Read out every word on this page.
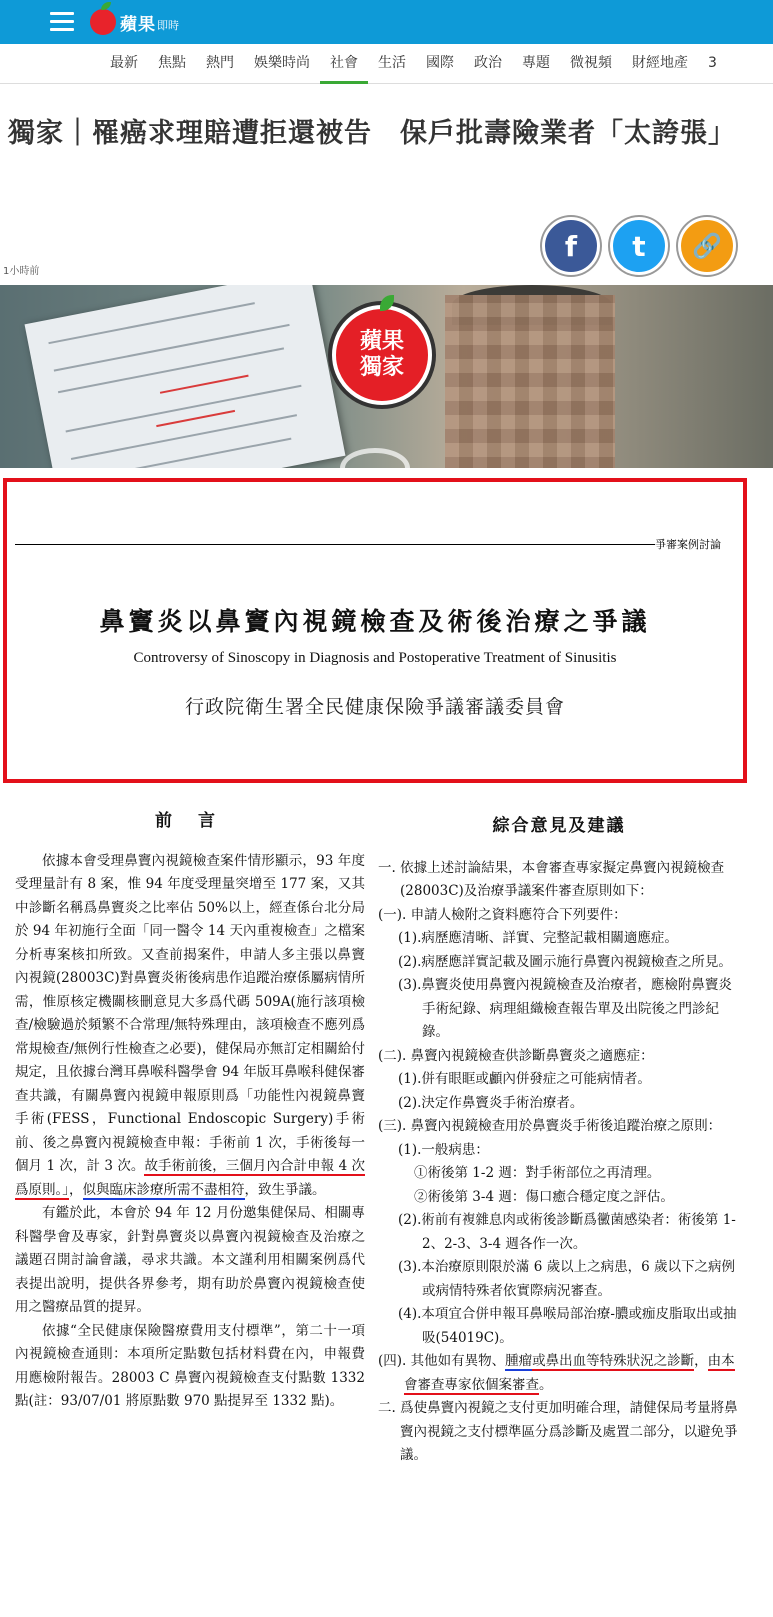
蘋果 即時
最新	焦點	熱門	娛樂時尚	社會	生活	國際	政治	專題	微視頻	財經地產	3
獨家｜罹癌求理賠遭拒還被告　保戶批壽險業者「太誇張」
f t 🔗
1小時前
蘋果
獨家
爭審案例討論
鼻竇炎以鼻竇內視鏡檢查及術後治療之爭議
Controversy of Sinoscopy in Diagnosis and Postoperative Treatment of Sinusitis
行政院衛生署全民健康保險爭議審議委員會
前 言

依據本會受理鼻竇內視鏡檢查案件情形顯示，93 年度受理量計有 8 案，惟 94 年度受理量突增至 177 案，又其中診斷名稱爲鼻竇炎之比率佔 50%以上，經查係台北分局於 94 年初施行全面「同一醫令 14 天內重複檢查」之檔案分析專案核扣所致。又查前揭案件，申請人多主張以鼻竇內視鏡(28003C)對鼻竇炎術後病患作追蹤治療係屬病情所需，惟原核定機關核刪意見大多爲代碼 509A(施行該項檢查/檢驗過於頻繁不合常理/無特殊理由，該項檢查不應列爲常規檢查/無例行性檢查之必要)，健保局亦無訂定相關給付規定，且依據台灣耳鼻喉科醫學會 94 年版耳鼻喉科健保審查共識，有關鼻竇內視鏡申報原則爲「功能性內視鏡鼻竇手術(FESS，Functional Endoscopic Surgery)手術前、後之鼻竇內視鏡檢查申報：手術前 1 次，手術後每一個月 1 次，計 3 次。故手術前後，三個月內合計申報 4 次爲原則。」，似與臨床診療所需不盡相符，致生爭議。

有鑑於此，本會於 94 年 12 月份邀集健保局、相關專科醫學會及專家，針對鼻竇炎以鼻竇內視鏡檢查及治療之議題召開討論會議，尋求共識。本文謹利用相關案例爲代表提出說明，提供各界參考，期有助於鼻竇內視鏡檢查使用之醫療品質的提昇。

依據“全民健康保險醫療費用支付標準”，第二十一項內視鏡檢查通則：本項所定點數包括材料費在內，申報費用應檢附報告。28003 C 鼻竇內視鏡檢查支付點數 1332 點(註：93/07/01 將原點數 970 點提昇至 1332 點)。

綜合意見及建議
一. 依據上述討論結果，本會審查專家擬定鼻竇內視鏡檢查(28003C)及治療爭議案件審查原則如下：
(一). 申請人檢附之資料應符合下列要件：
(1).病歷應清晰、詳實、完整記載相關適應症。
(2).病歷應詳實記載及圖示施行鼻竇內視鏡檢查之所見。
(3).鼻竇炎使用鼻竇內視鏡檢查及治療者，應檢附鼻竇炎手術紀錄、病理組織檢查報告單及出院後之門診紀錄。
(二). 鼻竇內視鏡檢查供診斷鼻竇炎之適應症：
(1).併有眼眶或顱內併發症之可能病情者。
(2).決定作鼻竇炎手術治療者。
(三). 鼻竇內視鏡檢查用於鼻竇炎手術後追蹤治療之原則：
(1).一般病患：
①術後第 1-2 週：對手術部位之再清理。
②術後第 3-4 週：傷口癒合穩定度之評估。
(2).術前有複雜息肉或術後診斷爲黴菌感染者：術後第 1-2、2-3、3-4 週各作一次。
(3).本治療原則限於滿 6 歲以上之病患，6 歲以下之病例或病情特殊者依實際病況審查。
(4).本項宜合併申報耳鼻喉局部治療-膿或痂皮脂取出或抽吸(54019C)。
(四). 其他如有異物、腫瘤或鼻出血等特殊狀況之診斷，由本會審查專家依個案審查。
二. 爲使鼻竇內視鏡之支付更加明確合理，請健保局考量將鼻竇內視鏡之支付標準區分爲診斷及處置二部分，以避免爭議。
